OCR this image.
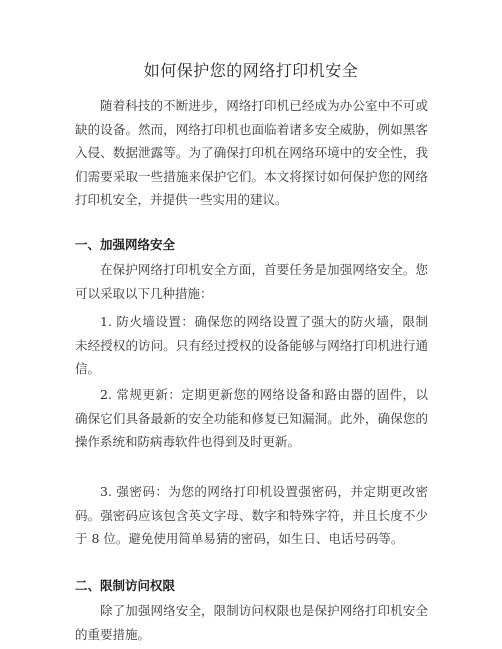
如何保护您的网络打印机安全
随着科技的不断进步，网络打印机已经成为办公室中不可或缺的设备。然而，网络打印机也面临着诸多安全威胁，例如黑客入侵、数据泄露等。为了确保打印机在网络环境中的安全性，我们需要采取一些措施来保护它们。本文将探讨如何保护您的网络打印机安全，并提供一些实用的建议。
一、加强网络安全
在保护网络打印机安全方面，首要任务是加强网络安全。您可以采取以下几种措施：
1. 防火墙设置：确保您的网络设置了强大的防火墙，限制未经授权的访问。只有经过授权的设备能够与网络打印机进行通信。
2. 常规更新：定期更新您的网络设备和路由器的固件，以确保它们具备最新的安全功能和修复已知漏洞。此外，确保您的操作系统和防病毒软件也得到及时更新。
3. 强密码：为您的网络打印机设置强密码，并定期更改密码。强密码应该包含英文字母、数字和特殊字符，并且长度不少于 8 位。避免使用简单易猜的密码，如生日、电话号码等。
二、限制访问权限
除了加强网络安全，限制访问权限也是保护网络打印机安全的重要措施。
